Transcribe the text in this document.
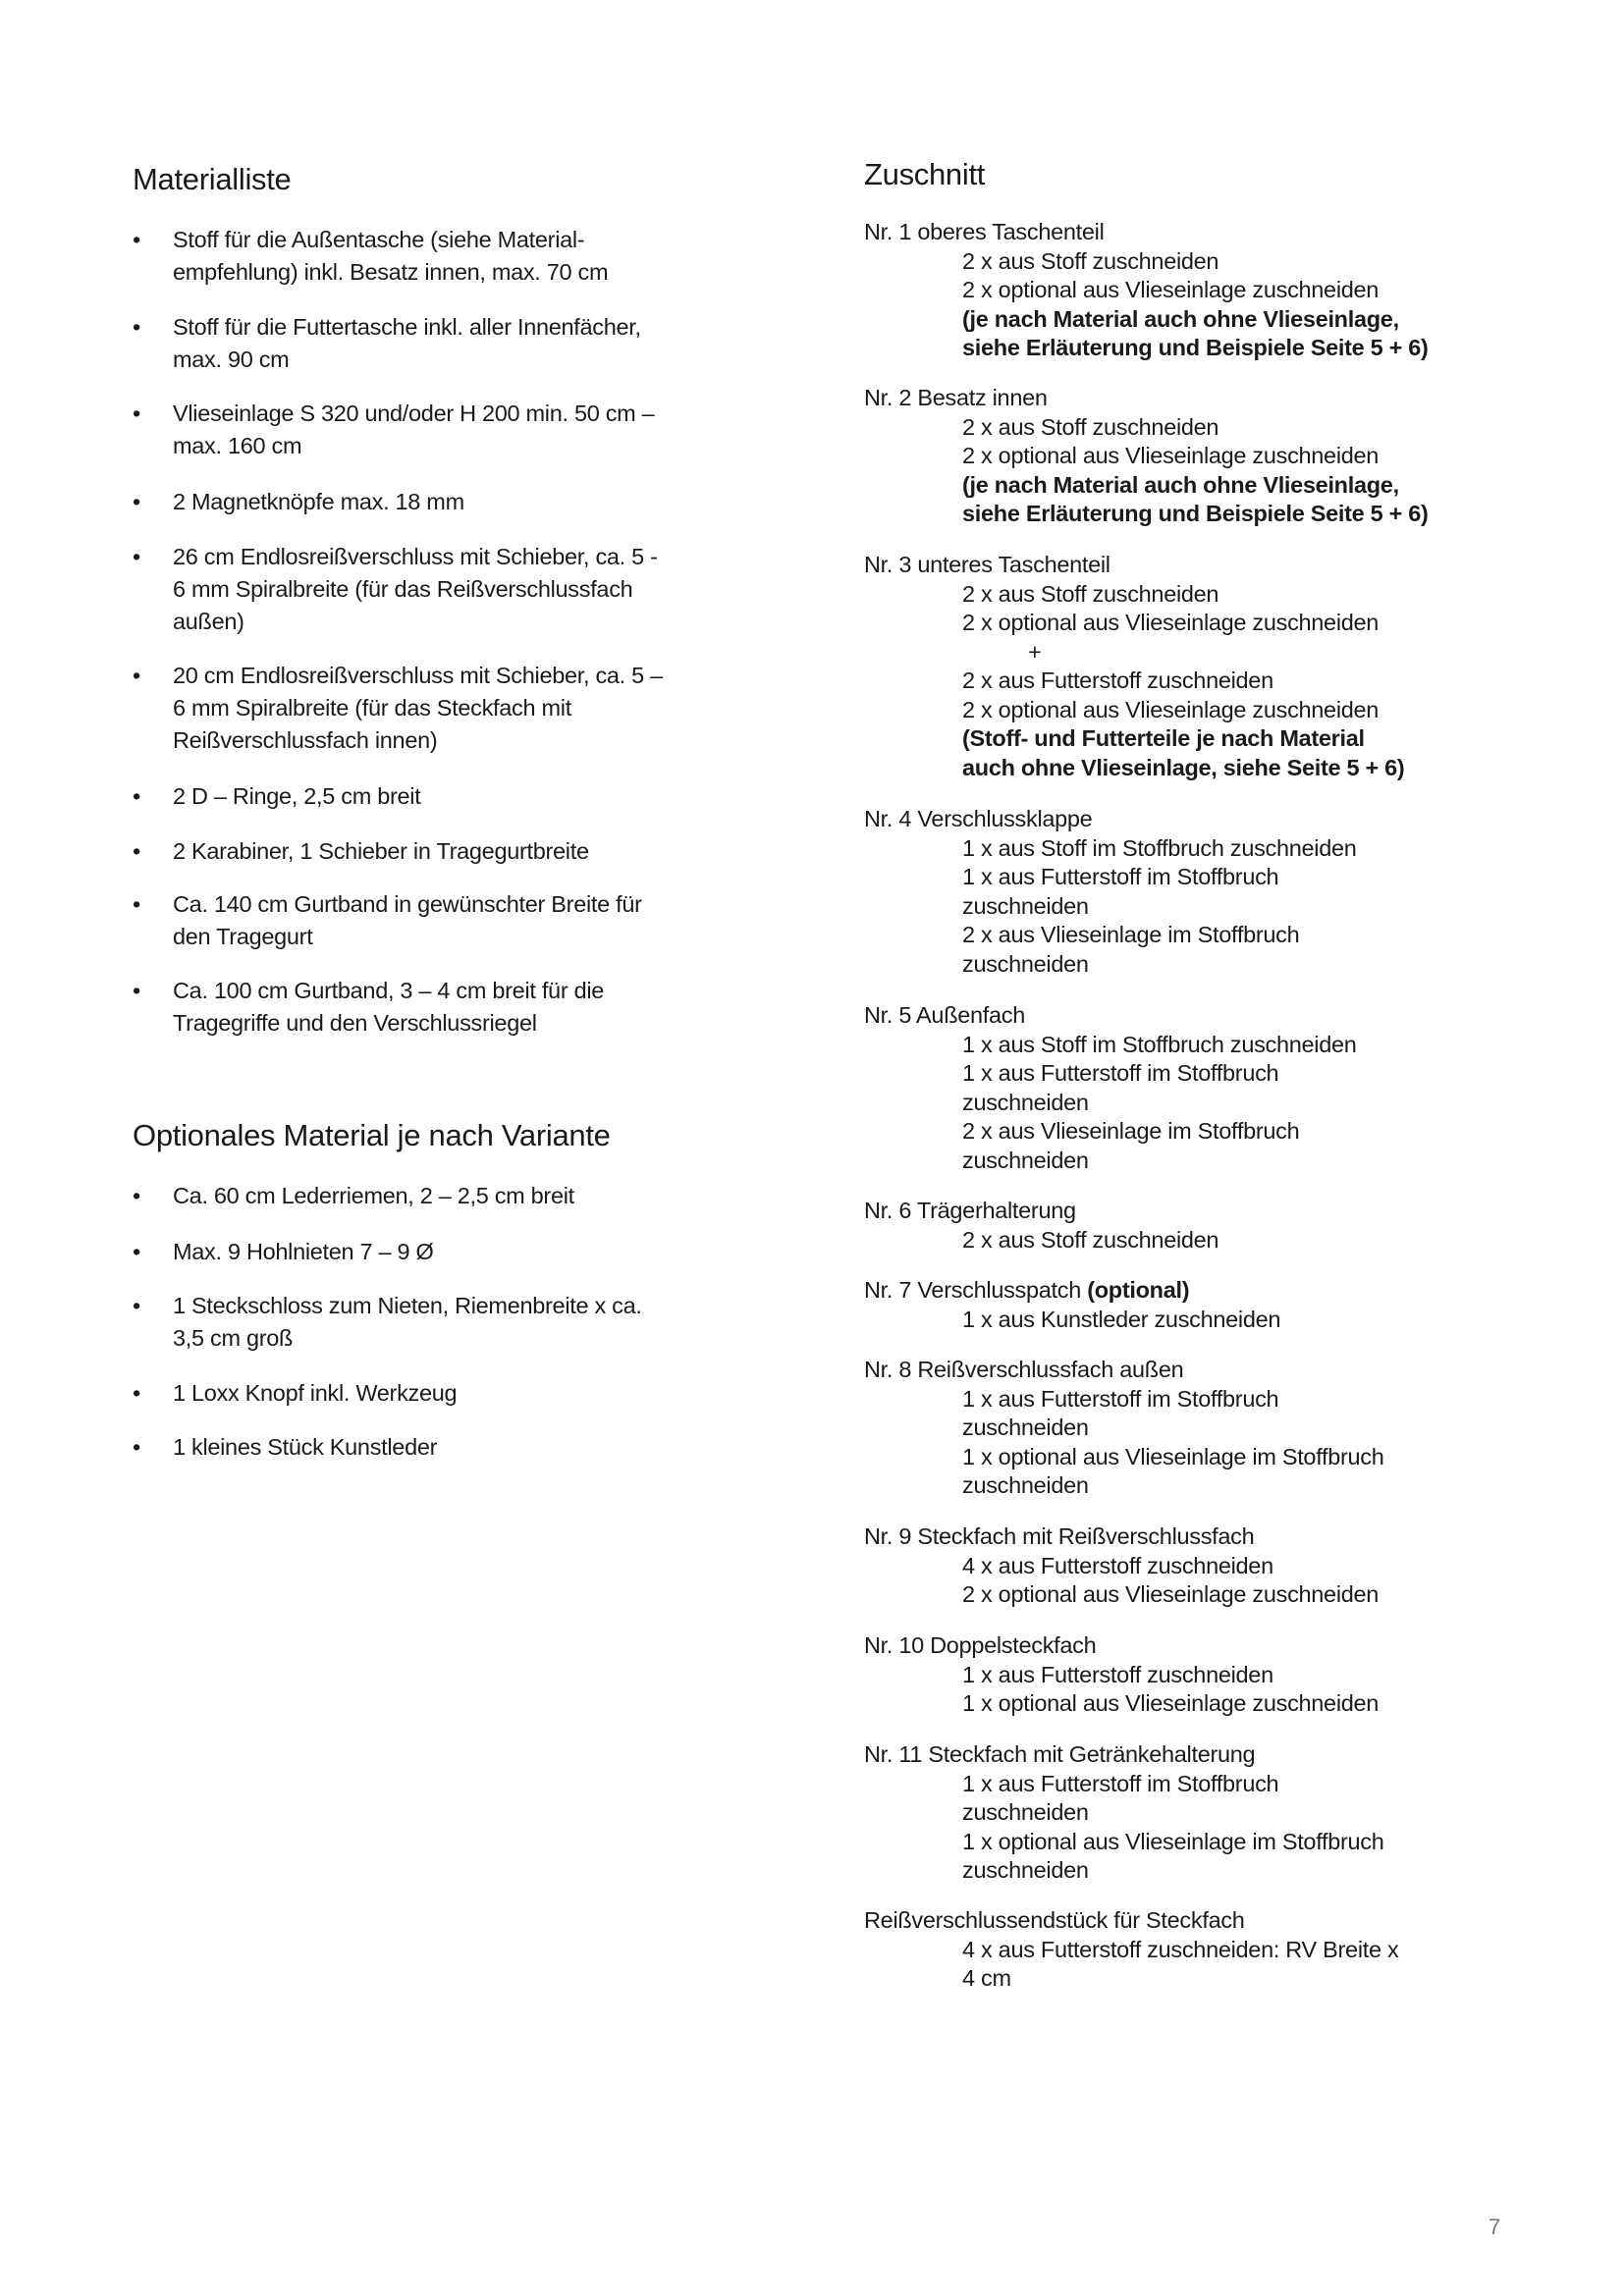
Materialliste
•	Stoff für die Außentasche (siehe Material-
empfehlung) inkl. Besatz innen, max. 70 cm
•	Stoff für die Futtertasche inkl. aller Innenfächer,
max. 90 cm
•	Vlieseinlage S 320 und/oder H 200 min. 50 cm –
max. 160 cm
•	2 Magnetknöpfe max. 18 mm
•	26 cm Endlosreißverschluss mit Schieber, ca. 5 -
6 mm Spiralbreite (für das Reißverschlussfach
außen)
•	20 cm Endlosreißverschluss mit Schieber, ca. 5 –
6 mm Spiralbreite (für das Steckfach mit
Reißverschlussfach innen)
•	2 D – Ringe, 2,5 cm breit
•	2 Karabiner, 1 Schieber in Tragegurtbreite
•	Ca. 140 cm Gurtband in gewünschter Breite für
den Tragegurt
•	Ca. 100 cm Gurtband, 3 – 4 cm breit für die
Tragegriffe und den Verschlussriegel
Optionales Material je nach Variante
•	Ca. 60 cm Lederriemen, 2 – 2,5 cm breit
•	Max. 9 Hohlnieten 7 – 9 Ø
•	1 Steckschloss zum Nieten, Riemenbreite x ca.
3,5 cm groß
•	1 Loxx Knopf inkl. Werkzeug
•	1 kleines Stück Kunstleder
Zuschnitt
Nr. 1 oberes Taschenteil
2 x aus Stoff zuschneiden
2 x optional aus Vlieseinlage zuschneiden
(je nach Material auch ohne Vlieseinlage,
siehe Erläuterung und Beispiele Seite 5 + 6)
Nr. 2 Besatz innen
2 x aus Stoff zuschneiden
2 x optional aus Vlieseinlage zuschneiden
(je nach Material auch ohne Vlieseinlage,
siehe Erläuterung und Beispiele Seite 5 + 6)
Nr. 3 unteres Taschenteil
2 x aus Stoff zuschneiden
2 x optional aus Vlieseinlage zuschneiden
+
2 x aus Futterstoff zuschneiden
2 x optional aus Vlieseinlage zuschneiden
(Stoff- und Futterteile je nach Material
auch ohne Vlieseinlage, siehe Seite 5 + 6)
Nr. 4 Verschlussklappe
1 x aus Stoff im Stoffbruch zuschneiden
1 x aus Futterstoff im Stoffbruch
zuschneiden
2 x aus Vlieseinlage im Stoffbruch
zuschneiden
Nr. 5 Außenfach
1 x aus Stoff im Stoffbruch zuschneiden
1 x aus Futterstoff im Stoffbruch
zuschneiden
2 x aus Vlieseinlage im Stoffbruch
zuschneiden
Nr. 6 Trägerhalterung
2 x aus Stoff zuschneiden
Nr. 7 Verschlusspatch (optional)
1 x aus Kunstleder zuschneiden
Nr. 8 Reißverschlussfach außen
1 x aus Futterstoff im Stoffbruch
zuschneiden
1 x optional aus Vlieseinlage im Stoffbruch
zuschneiden
Nr. 9 Steckfach mit Reißverschlussfach
4 x aus Futterstoff zuschneiden
2 x optional aus Vlieseinlage zuschneiden
Nr. 10 Doppelsteckfach
1 x aus Futterstoff zuschneiden
1 x optional aus Vlieseinlage zuschneiden
Nr. 11 Steckfach mit Getränkehalterung
1 x aus Futterstoff im Stoffbruch
zuschneiden
1 x optional aus Vlieseinlage im Stoffbruch
zuschneiden
Reißverschlussendstück für Steckfach
4 x aus Futterstoff zuschneiden: RV Breite x
4 cm
7
